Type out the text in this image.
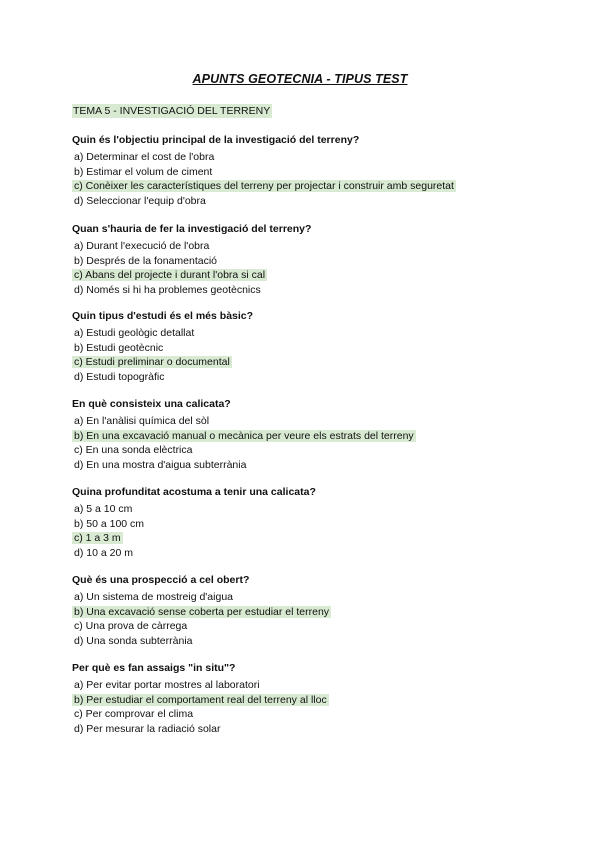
APUNTS GEOTECNIA - TIPUS TEST
TEMA 5 - INVESTIGACIÓ DEL TERRENY
Quin és l'objectiu principal de la investigació del terreny?
a) Determinar el cost de l'obra
b) Estimar el volum de ciment
c) Conèixer les característiques del terreny per projectar i construir amb seguretat
d) Seleccionar l'equip d'obra
Quan s'hauria de fer la investigació del terreny?
a) Durant l'execució de l'obra
b) Després de la fonamentació
c) Abans del projecte i durant l'obra si cal
d) Només si hi ha problemes geotècnics
Quin tipus d'estudi és el més bàsic?
a) Estudi geològic detallat
b) Estudi geotècnic
c) Estudi preliminar o documental
d) Estudi topogràfic
En què consisteix una calicata?
a) En l'anàlisi química del sòl
b) En una excavació manual o mecànica per veure els estrats del terreny
c) En una sonda elèctrica
d) En una mostra d'aigua subterrània
Quina profunditat acostuma a tenir una calicata?
a) 5 a 10 cm
b) 50 a 100 cm
c) 1 a 3 m
d) 10 a 20 m
Què és una prospecció a cel obert?
a) Un sistema de mostreig d'aigua
b) Una excavació sense coberta per estudiar el terreny
c) Una prova de càrrega
d) Una sonda subterrània
Per què es fan assaigs "in situ"?
a) Per evitar portar mostres al laboratori
b) Per estudiar el comportament real del terreny al lloc
c) Per comprovar el clima
d) Per mesurar la radiació solar
